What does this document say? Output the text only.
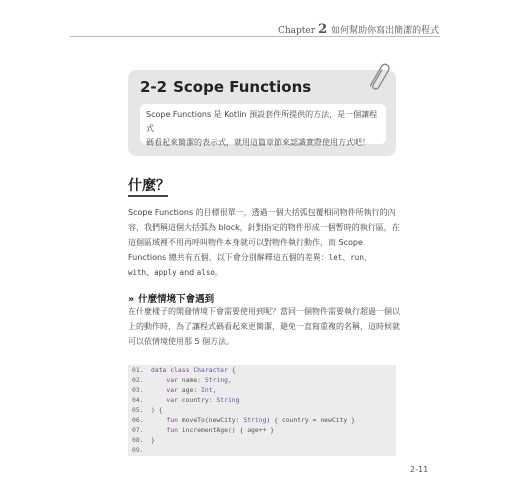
Chapter 2 如何幫助你寫出簡潔的程式
2-2 Scope Functions

Scope Functions 是 Kotlin 預設套件所提供的方法，是一個讓程式
碼看起來簡潔的表示式，就用這篇章節來認識實際使用方式吧！

什麼？

Scope Functions 的目標很單一，透過一個大括弧包覆相同物件所執行的內容，我們稱這個大括弧為 block，針對指定的物件形成一個暫時的執行區，在這個區域裡不用再呼叫物件本身就可以對物件執行動作，而 Scope Functions 總共有五個，以下會分別解釋這五個的差異：let、run、
with、apply and also。

» 什麼情境下會遇到

在什麼樣子的開發情境下會需要使用到呢？當同一個物件需要執行超過一個以上的動作時，為了讓程式碼看起來更簡潔，避免一直寫重複的名稱，這時候就可以依情境使用那 5 個方法。

01. data class Character {
02.	var name: String,
03.	var age: Int,
04.	var country: String
05. ) {
06.	fun moveTo(newCity: String) { country = newCity }
07.	fun incrementAge() { age++ }
08. }
09.
2-11
